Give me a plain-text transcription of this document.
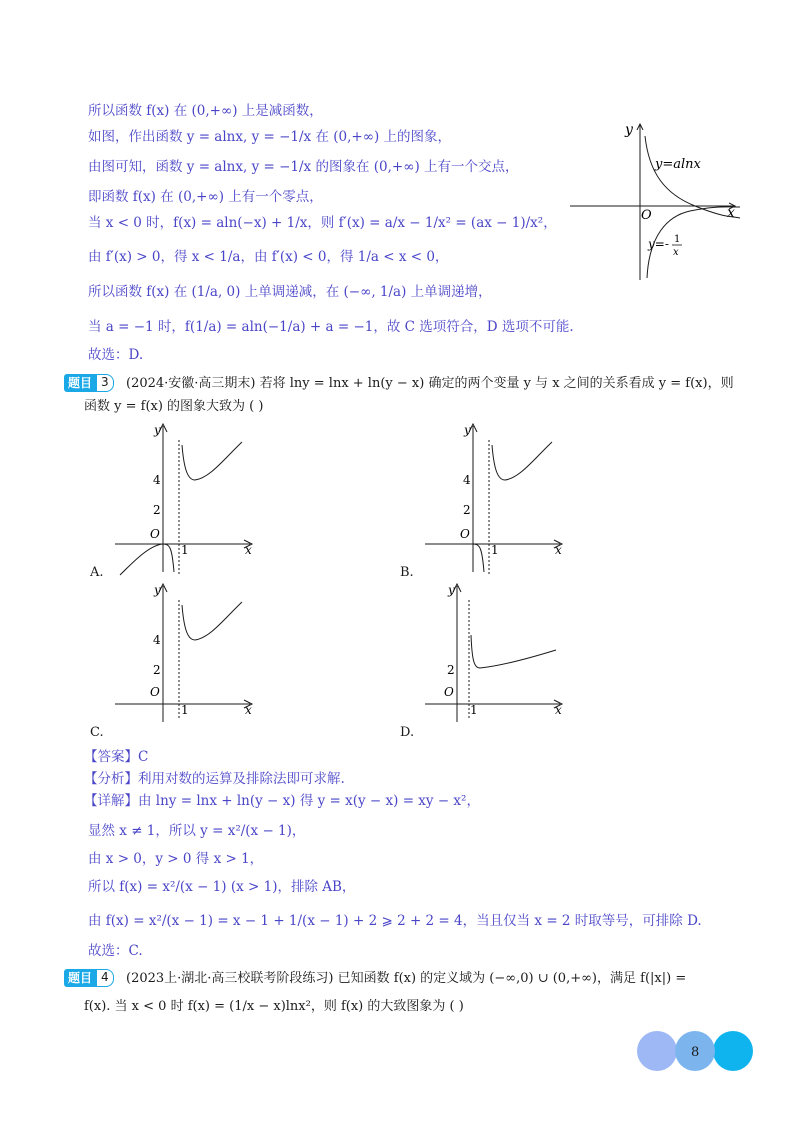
所以函数 f(x) 在 (0,+∞) 上是减函数，
如图，作出函数 y = alnx, y = −1/x 在 (0,+∞) 上的图象，
由图可知，函数 y = alnx, y = −1/x 的图象在 (0,+∞) 上有一个交点，
即函数 f(x) 在 (0,+∞) 上有一个零点，
当 x < 0 时，f(x) = aln(−x) + 1/x，则 f′(x) = a/x − 1/x² = (ax − 1)/x²，
由 f′(x) > 0，得 x < 1/a，由 f′(x) < 0，得 1/a < x < 0，
所以函数 f(x) 在 (1/a, 0) 上单调递减，在 (−∞, 1/a) 上单调递增，
当 a = −1 时，f(1/a) = aln(−1/a) + a = −1，故 C 选项符合，D 选项不可能.
故选：D.
x
y
O
y=alnx
y=- 1
x
题目 3	(2024·安徽·高三期末) 若将 lny = lnx + ln(y − x) 确定的两个变量 y 与 x 之间的关系看成 y = f(x)，则
函数 y = f(x) 的图象大致为 ( )
y
x
O
1
4
2
A.
y
x
O
1
4
2
B.
y
x
O
1
4
2
C.
y
x
O
1
2
D.
【答案】C
【分析】利用对数的运算及排除法即可求解.
【详解】由 lny = lnx + ln(y − x) 得 y = x(y − x) = xy − x²，
显然 x ≠ 1，所以 y = x²/(x − 1)，
由 x > 0，y > 0 得 x > 1，
所以 f(x) = x²/(x − 1) (x > 1)，排除 AB，
由 f(x) = x²/(x − 1) = x − 1 + 1/(x − 1) + 2 ⩾ 2 + 2 = 4，当且仅当 x = 2 时取等号，可排除 D.
故选：C.
题目 4	(2023上·湖北·高三校联考阶段练习) 已知函数 f(x) 的定义域为 (−∞,0) ∪ (0,+∞)，满足 f(|x|) =
f(x). 当 x < 0 时 f(x) = (1/x − x)lnx²，则 f(x) 的大致图象为 ( )
8
